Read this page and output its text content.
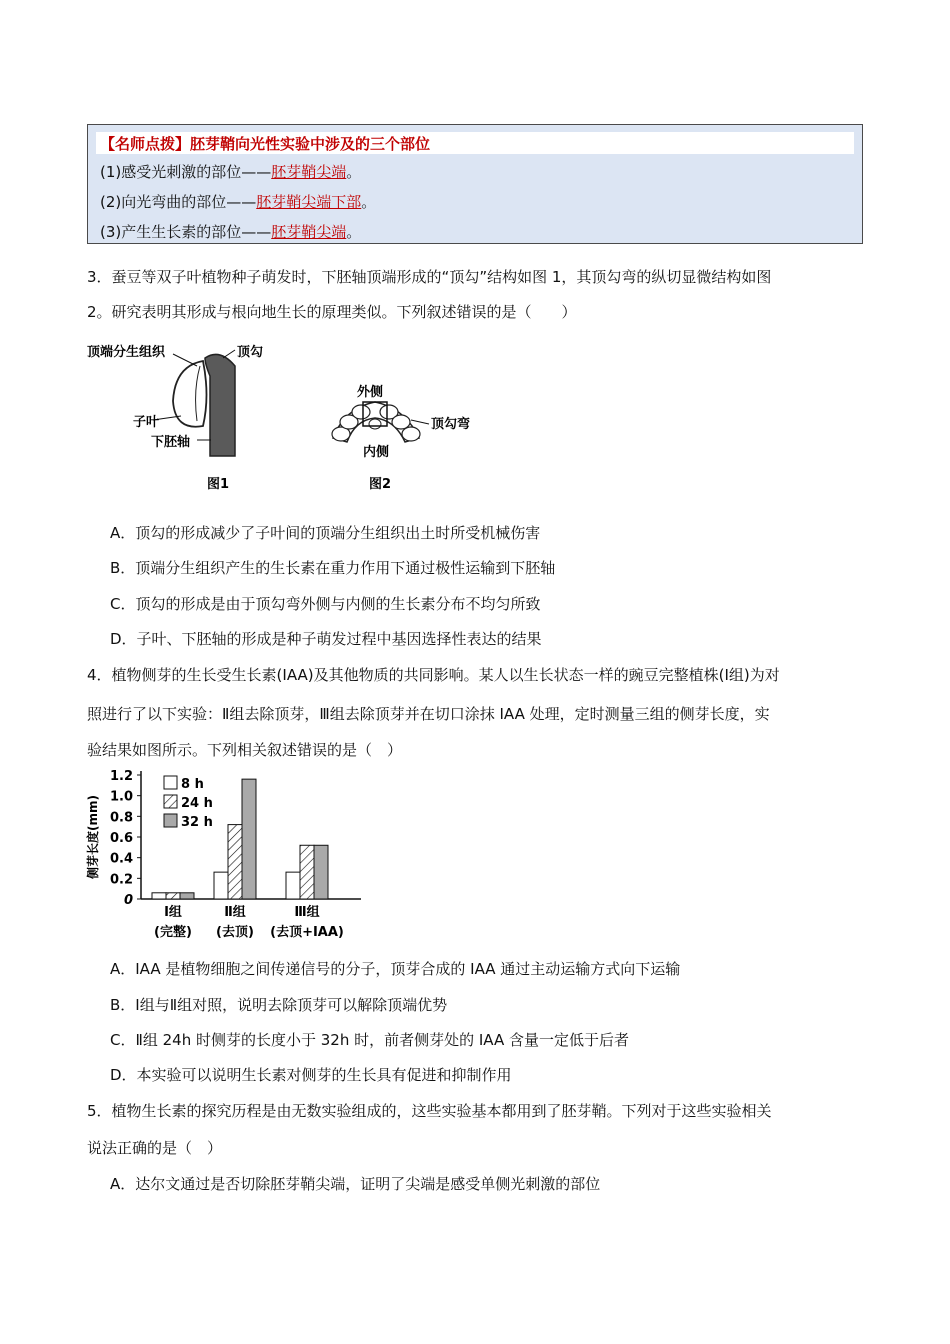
【名师点拨】胚芽鞘向光性实验中涉及的三个部位
(1)感受光刺激的部位——胚芽鞘尖端。
(2)向光弯曲的部位——胚芽鞘尖端下部。
(3)产生生长素的部位——胚芽鞘尖端。
3．蚕豆等双子叶植物种子萌发时，下胚轴顶端形成的“顶勾”结构如图 1，其顶勾弯的纵切显微结构如图
2。研究表明其形成与根向地生长的原理类似。下列叙述错误的是（　　）
顶端分生组织	顶勾
子叶
下胚轴
图1
外侧
内侧
顶勾弯
图2
A．顶勾的形成减少了子叶间的顶端分生组织出土时所受机械伤害
B．顶端分生组织产生的生长素在重力作用下通过极性运输到下胚轴
C．顶勾的形成是由于顶勾弯外侧与内侧的生长素分布不均匀所致
D．子叶、下胚轴的形成是种子萌发过程中基因选择性表达的结果
4．植物侧芽的生长受生长素(IAA)及其他物质的共同影响。某人以生长状态一样的豌豆完整植株(Ⅰ组)为对
照进行了以下实验：Ⅱ组去除顶芽，Ⅲ组去除顶芽并在切口涂抹 IAA 处理，定时测量三组的侧芽长度，实
验结果如图所示。下列相关叙述错误的是（　）
0
0.2
0.4
0.6
0.8
1.0
1.2
侧芽长度(mm)
Ⅰ组
(完整)
Ⅱ组
(去顶)
Ⅲ组
(去顶+IAA)
8 h
24 h
32 h
A．IAA 是植物细胞之间传递信号的分子，顶芽合成的 IAA 通过主动运输方式向下运输
B．Ⅰ组与Ⅱ组对照，说明去除顶芽可以解除顶端优势
C．Ⅱ组 24h 时侧芽的长度小于 32h 时，前者侧芽处的 IAA 含量一定低于后者
D．本实验可以说明生长素对侧芽的生长具有促进和抑制作用
5．植物生长素的探究历程是由无数实验组成的，这些实验基本都用到了胚芽鞘。下列对于这些实验相关
说法正确的是（　）
A．达尔文通过是否切除胚芽鞘尖端，证明了尖端是感受单侧光刺激的部位
